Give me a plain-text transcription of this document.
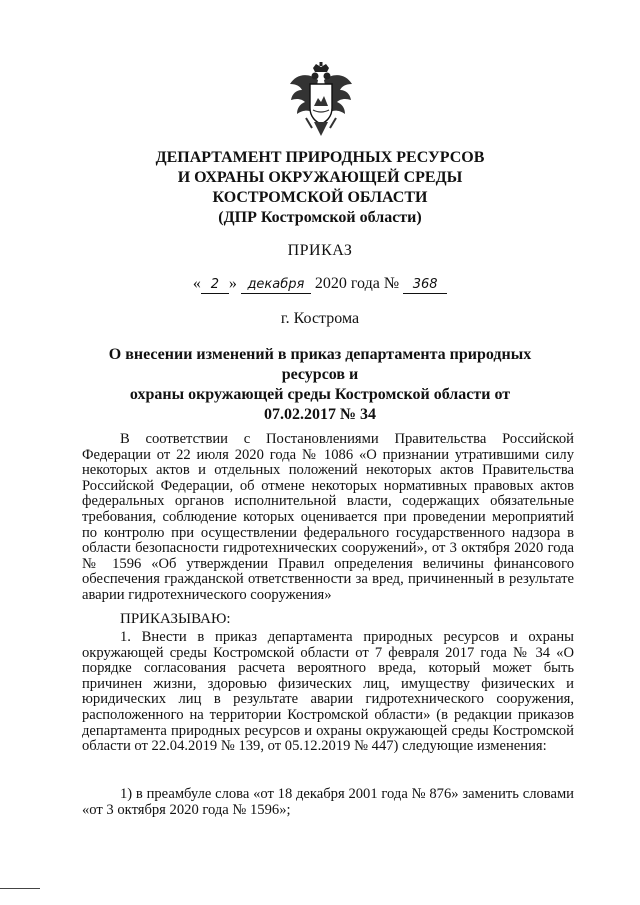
ДЕПАРТАМЕНТ ПРИРОДНЫХ РЕСУРСОВ
И ОХРАНЫ ОКРУЖАЮЩЕЙ СРЕДЫ
КОСТРОМСКОЙ ОБЛАСТИ
(ДПР Костромской области)
ПРИКАЗ
« 2 » декабря 2020 года № 368
г. Кострома
О внесении изменений в приказ департамента природных ресурсов и
охраны окружающей среды Костромской области от 07.02.2017 № 34
В соответствии с Постановлениями Правительства Российской Федерации от 22 июля 2020 года № 1086 «О признании утратившими силу некоторых актов и отдельных положений некоторых актов Правительства Российской Федерации, об отмене некоторых нормативных правовых актов федеральных органов исполнительной власти, содержащих обязательные требования, соблюдение которых оценивается при проведении мероприятий по контролю при осуществлении федерального государственного надзора в области безопасности гидротехнических сооружений», от 3 октября 2020 года № 1596 «Об утверждении Правил определения величины финансового обеспечения гражданской ответственности за вред, причиненный в результате аварии гидротехнического сооружения»
ПРИКАЗЫВАЮ:
1. Внести в приказ департамента природных ресурсов и охраны окружающей среды Костромской области от 7 февраля 2017 года № 34 «О порядке согласования расчета вероятного вреда, который может быть причинен жизни, здоровью физических лиц, имуществу физических и юридических лиц в результате аварии гидротехнического сооружения, расположенного на территории Костромской области» (в редакции приказов департамента природных ресурсов и охраны окружающей среды Костромской области от 22.04.2019 № 139, от 05.12.2019 № 447) следующие изменения:
1) в преамбуле слова «от 18 декабря 2001 года № 876» заменить словами «от 3 октября 2020 года № 1596»;
